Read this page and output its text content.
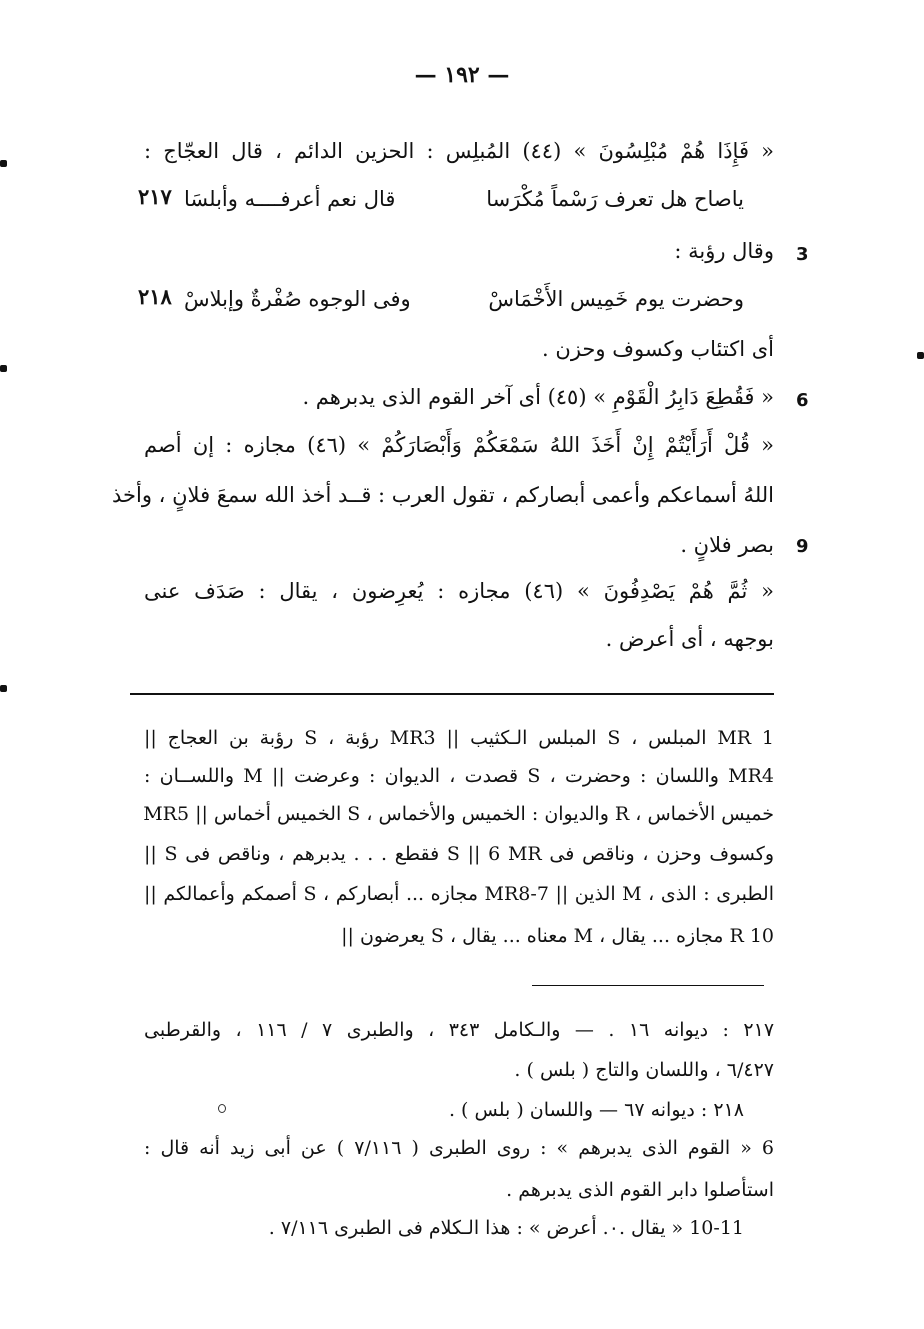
— ١٩٢ —
« فَإِذَا هُمْ مُبْلِسُونَ » (٤٤) المُبلِس : الحزين الدائم ، قال العجّاج :
ياصاح هل تعرف رَسْماً مُكْرَسا
قال نعم أعرفــــه وأبلسَا
٢١٧
3
وقال رؤبة :
وحضرت يوم خَمِيس الأَخْمَاسْ
وفى الوجوه صُفْرةٌ وإبلاسْ
٢١٨
أى اكتئاب وكسوف وحزن .
6
« فَقُطِعَ دَابِرُ الْقَوْمِ » (٤٥) أى آخر القوم الذى يدبرهم .
« قُلْ أَرَأَيْتُمْ إِنْ أَخَذَ اللهُ سَمْعَكُمْ وَأَبْصَارَكُمْ » (٤٦) مجازه : إن أصم
اللهُ أسماعكم وأعمى أبصاركم ، تقول العرب : قــد أخذ الله سمعَ فلانٍ ، وأخذ
9
بصر فلانٍ .
« ثُمَّ هُمْ يَصْدِفُونَ » (٤٦) مجازه : يُعرِضون ، يقال : صَدَف عنى
بوجهه ، أى أعرض .
1 MR المبلس ، S المبلس الـكثيب || MR3 رؤبة ، S رؤبة بن العجاج ||
MR4 واللسان : وحضرت ، S قصدت ، الديوان : وعرضت || M واللســان :
خميس الأخماس ، R والديوان : الخميس والأخماس ، S الخميس أخماس || MR5
وكسوف وحزن ، وناقص فى S || 6 MR فقطع . . . يدبرهم ، وناقص فى S ||
الطبرى : الذى ، M الذين || MR8-7 مجازه ... أبصاركم ، S أصمكم وأعمالكم ||
10 R مجازه ... يقال ، M معناه ... يقال ، S يعرضون ||
٢١٧ : ديوانه ١٦ . — والـكامل ٣٤٣ ، والطبرى ٧ / ١١٦ ، والقرطبى
٦/٤٢٧ ، واللسان والتاج ( بلس ) .
٢١٨ : ديوانه ٦٧ — واللسان ( بلس ) .
6 « القوم الذى يدبرهم » : روى الطبرى ( ٧/١١٦ ) عن أبى زيد أنه قال :
استأصلوا دابر القوم الذى يدبرهم .
10-11 « يقال .٠. أعرض » : هذا الـكلام فى الطبرى ٧/١١٦ .
